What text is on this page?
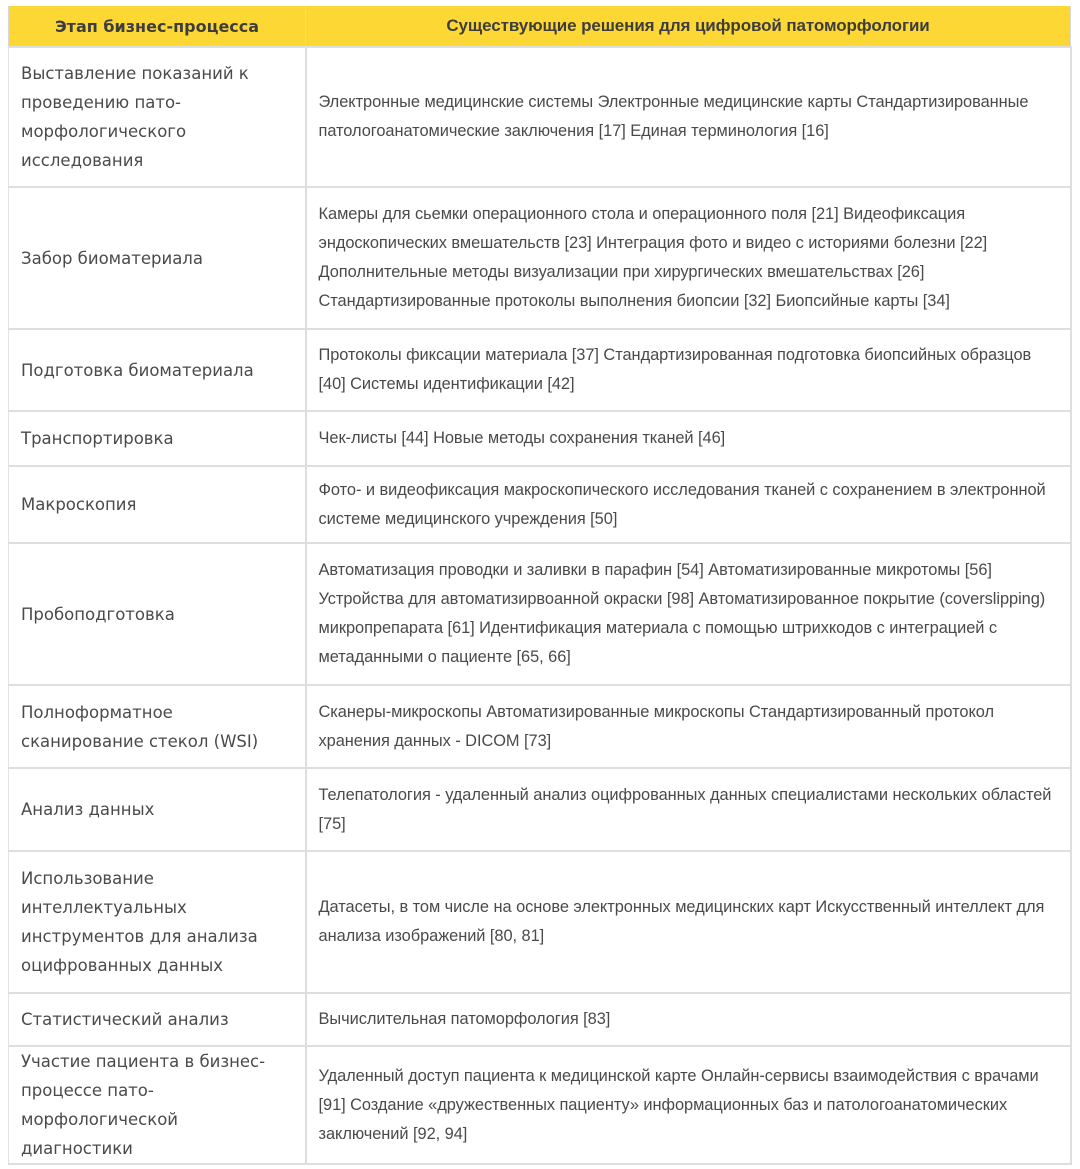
Этап бизнес-процесса	Существующие решения для цифровой патоморфологии

Выставление показаний к проведению пато-морфологического исследования	Электронные медицинские системы Электронные медицинские карты Стандартизированные патологоанатомические заключения [17] Единая терминология [16]
Забор биоматериала	Камеры для сьемки операционного стола и операционного поля [21] Видеофиксация эндоскопических вмешательств [23] Интеграция фото и видео с историями болезни [22] Дополнительные методы визуализации при хирургических вмешательствах [26] Стандартизированные протоколы выполнения биопсии [32] Биопсийные карты [34]
Подготовка биоматериала	Протоколы фиксации материала [37] Стандартизированная подготовка биопсийных образцов [40] Системы идентификации [42]
Транспортировка	Чек-листы [44] Новые методы сохранения тканей [46]
Макроскопия	Фото- и видеофиксация макроскопического исследования тканей с сохранением в электронной системе медицинского учреждения [50]
Пробоподготовка	Автоматизация проводки и заливки в парафин [54] Автоматизированные микротомы [56] Устройства для автоматизирвоанной окраски [98] Автоматизированное покрытие (coverslipping) микропрепарата [61] Идентификация материала с помощью штрихкодов с интеграцией с метаданными о пациенте [65, 66]
Полноформатное сканирование стекол (WSI)	Сканеры-микроскопы Автоматизированные микроскопы Стандартизированный протокол хранения данных - DICOM [73]
Анализ данных	Телепатология - удаленный анализ оцифрованных данных специалистами нескольких областей [75]
Использование интеллектуальных инструментов для анализа оцифрованных данных	Датасеты, в том числе на основе электронных медицинских карт Искусственный интеллект для анализа изображений [80, 81]
Статистический анализ	Вычислительная патоморфология [83]
Участие пациента в бизнес-процессе пато-морфологической диагностики	Удаленный доступ пациента к медицинской карте Онлайн-сервисы взаимодействия с врачами [91] Создание «дружественных пациенту» информационных баз и патологоанатомических заключений [92, 94]
